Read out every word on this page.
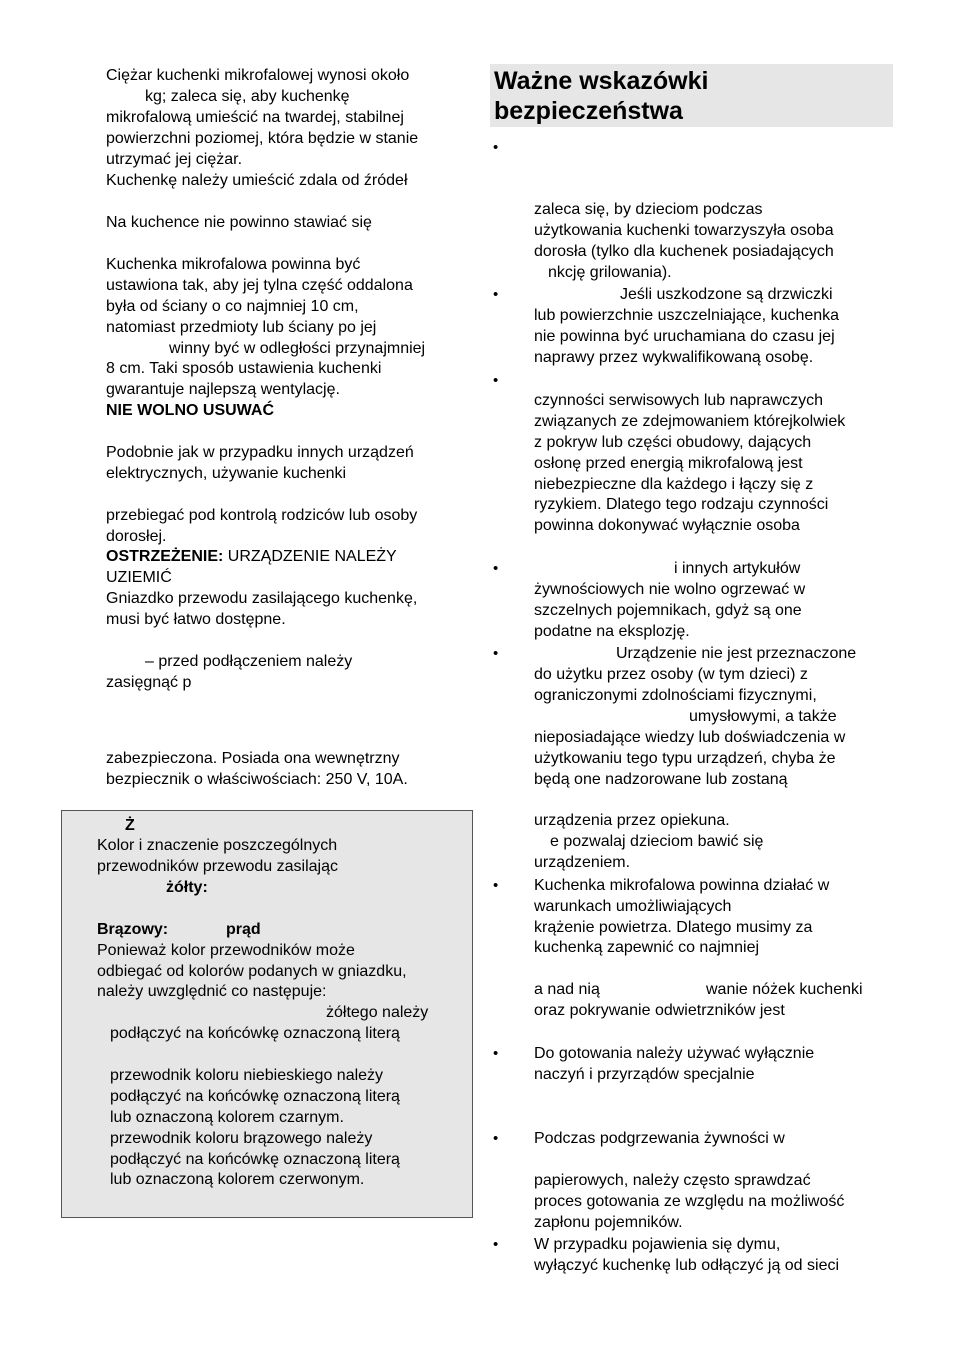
Ciężar kuchenki mikrofalowej wynosi około
kg; zaleca się, aby kuchenkę
mikrofalową umieścić na twardej, stabilnej
powierzchni poziomej, która będzie w stanie
utrzymać jej ciężar.
Kuchenkę należy umieścić zdala od źródeł
Na kuchence nie powinno stawiać się
Kuchenka mikrofalowa powinna być
ustawiona tak, aby jej tylna część oddalona
była od ściany o co najmniej 10 cm,
natomiast przedmioty lub ściany po jej
winny być w odległości przynajmniej
8 cm. Taki sposób ustawienia kuchenki
gwarantuje najlepszą wentylację.
NIE WOLNO USUWAĆ
Podobnie jak w przypadku innych urządzeń
elektrycznych, używanie kuchenki
przebiegać pod kontrolą rodziców lub osoby
dorosłej.
OSTRZEŻENIE: URZĄDZENIE NALEŻY
UZIEMIĆ
Gniazdko przewodu zasilającego kuchenkę,
musi być łatwo dostępne.
– przed podłączeniem należy
zasięgnąć p
zabezpieczona. Posiada ona wewnętrzny
bezpiecznik o właściwościach: 250 V, 10A.
Ż
Kolor i znaczenie poszczególnych
przewodników przewodu zasilając
żółty:
Brązowy:	prąd
Ponieważ kolor przewodników może
odbiegać od kolorów podanych w gniazdku,
należy uwzględnić co następuje:
żółtego należy
podłączyć na końcówkę oznaczoną literą
przewodnik koloru niebieskiego należy
podłączyć na końcówkę oznaczoną literą
lub oznaczoną kolorem czarnym.
przewodnik koloru brązowego należy
podłączyć na końcówkę oznaczoną literą
lub oznaczoną kolorem czerwonym.
Ważne wskazówki
bezpieczeństwa
•
zaleca się, by dzieciom podczas
użytkowania kuchenki towarzyszyła osoba
dorosła (tylko dla kuchenek posiadających
nkcję grilowania).
•	Jeśli uszkodzone są drzwiczki
lub powierzchnie uszczelniające, kuchenka
nie powinna być uruchamiana do czasu jej
naprawy przez wykwalifikowaną osobę.
•
czynności serwisowych lub naprawczych
związanych ze zdejmowaniem którejkolwiek
z pokryw lub części obudowy, dających
osłonę przed energią mikrofalową jest
niebezpieczne dla każdego i łączy się z
ryzykiem. Dlatego tego rodzaju czynności
powinna dokonywać wyłącznie osoba
•	i innych artykułów
żywnościowych nie wolno ogrzewać w
szczelnych pojemnikach, gdyż są one
podatne na eksplozję.
•	Urządzenie nie jest przeznaczone
do użytku przez osoby (w tym dzieci) z
ograniczonymi zdolnościami fizycznymi,
umysłowymi, a także
nieposiadające wiedzy lub doświadczenia w
użytkowaniu tego typu urządzeń, chyba że
będą one nadzorowane lub zostaną
urządzenia przez opiekuna.
e pozwalaj dzieciom bawić się
urządzeniem.
• Kuchenka mikrofalowa powinna działać w
warunkach umożliwiających
krążenie powietrza. Dlatego musimy za
kuchenką zapewnić co najmniej
a nad nią	wanie nóżek kuchenki
oraz pokrywanie odwietrzników jest
• Do gotowania należy używać wyłącznie
naczyń i przyrządów specjalnie
• Podczas podgrzewania żywności w
papierowych, należy często sprawdzać
proces gotowania ze względu na możliwość
zapłonu pojemników.
• W przypadku pojawienia się dymu,
wyłączyć kuchenkę lub odłączyć ją od sieci
